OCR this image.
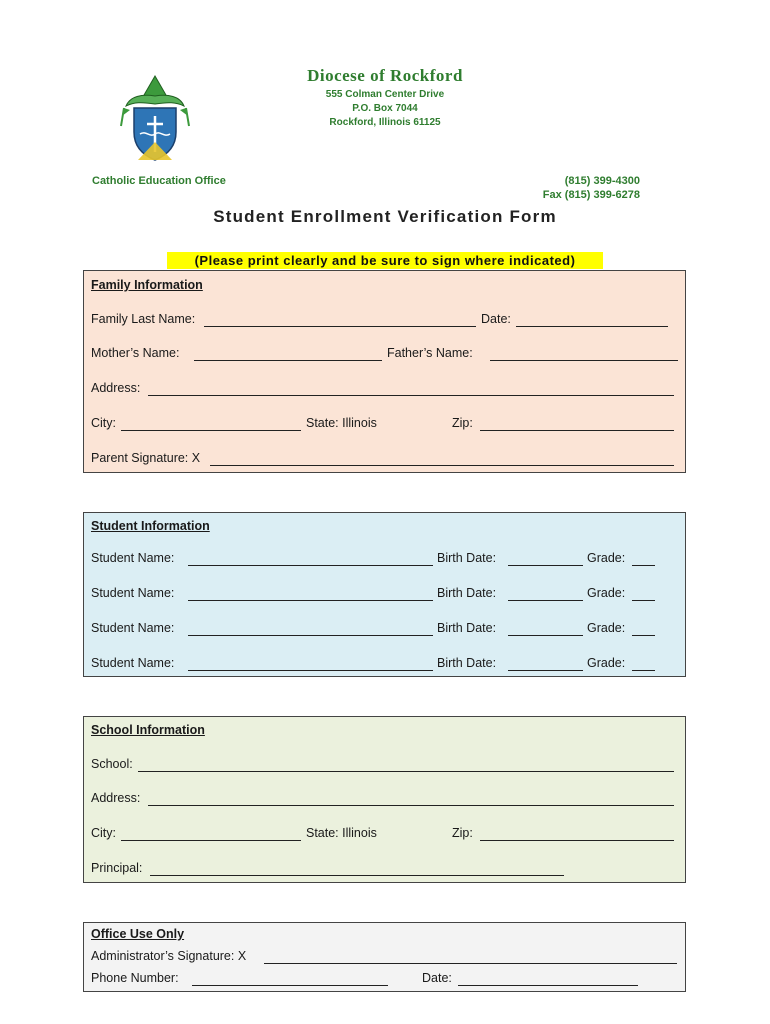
Diocese of Rockford
555 Colman Center Drive
P.O. Box 7044
Rockford, Illinois 61125
Catholic Education Office	(815) 399-4300
Fax (815) 399-6278
Student Enrollment Verification Form
(Please print clearly and be sure to sign where indicated)
Family Information
Family Last Name:	Date:
Mother’s Name:	Father’s Name:
Address:
City:	State: Illinois	Zip:
Parent Signature: X
Student Information
Student Name:	Birth Date:	Grade:
Student Name:	Birth Date:	Grade:
Student Name:	Birth Date:	Grade:
Student Name:	Birth Date:	Grade:
School Information
School:
Address:
City:	State: Illinois	Zip:
Principal:
Office Use Only
Administrator’s Signature: X
Phone Number:	Date:
